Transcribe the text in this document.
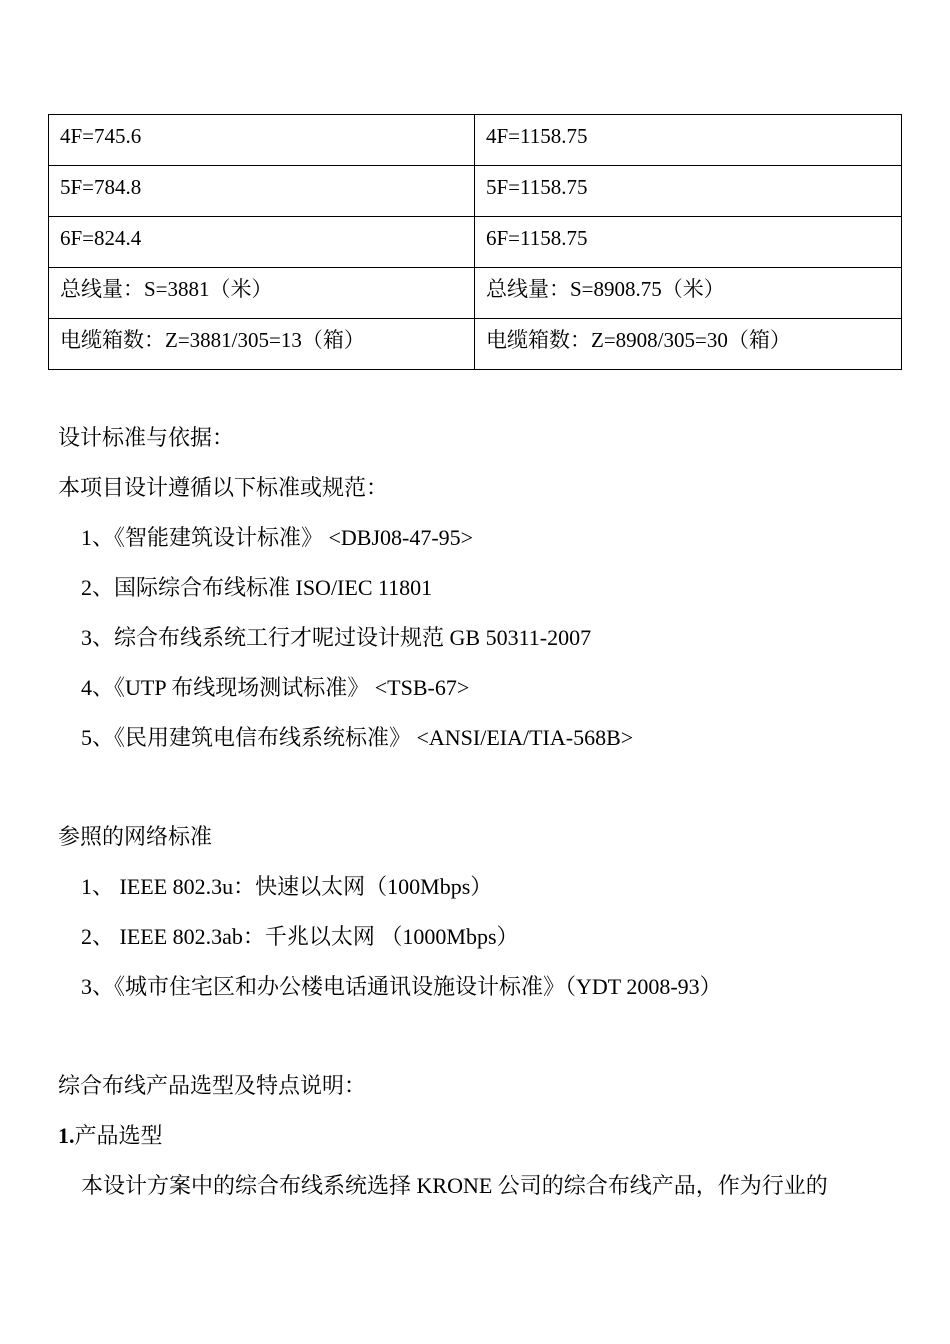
4F=745.6	4F=1158.75
5F=784.8	5F=1158.75
6F=824.4	6F=1158.75
总线量：S=3881（米）	总线量：S=8908.75（米）
电缆箱数：Z=3881/305=13（箱）	电缆箱数：Z=8908/305=30（箱）
设计标准与依据：
本项目设计遵循以下标准或规范：
1、《智能建筑设计标准》 <DBJ08-47-95>
2、国际综合布线标准 ISO/IEC 11801
3、综合布线系统工行才呢过设计规范 GB 50311-2007
4、《UTP 布线现场测试标准》 <TSB-67>
5、《民用建筑电信布线系统标准》 <ANSI/EIA/TIA-568B>
参照的网络标准
1、 IEEE 802.3u：快速以太网（100Mbps）
2、 IEEE 802.3ab：千兆以太网 （1000Mbps）
3、《城市住宅区和办公楼电话通讯设施设计标准》（YDT 2008-93）
综合布线产品选型及特点说明：
1.产品选型
本设计方案中的综合布线系统选择 KRONE 公司的综合布线产品，作为行业的
